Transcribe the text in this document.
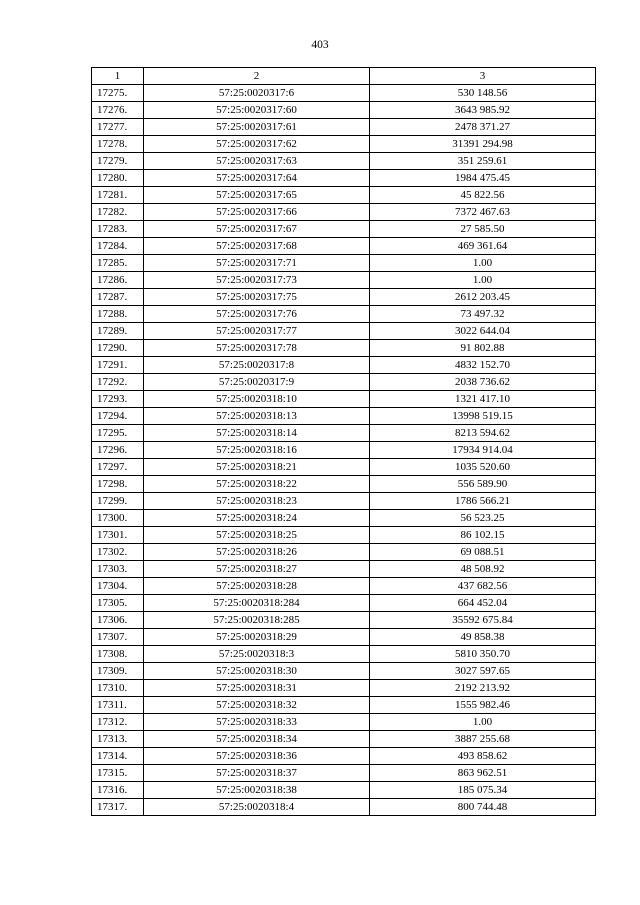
403
1	2	3
17275.	57:25:0020317:6	530 148.56
17276.	57:25:0020317:60	3643 985.92
17277.	57:25:0020317:61	2478 371.27
17278.	57:25:0020317:62	31391 294.98
17279.	57:25:0020317:63	351 259.61
17280.	57:25:0020317:64	1984 475.45
17281.	57:25:0020317:65	45 822.56
17282.	57:25:0020317:66	7372 467.63
17283.	57:25:0020317:67	27 585.50
17284.	57:25:0020317:68	469 361.64
17285.	57:25:0020317:71	1.00
17286.	57:25:0020317:73	1.00
17287.	57:25:0020317:75	2612 203.45
17288.	57:25:0020317:76	73 497.32
17289.	57:25:0020317:77	3022 644.04
17290.	57:25:0020317:78	91 802.88
17291.	57:25:0020317:8	4832 152.70
17292.	57:25:0020317:9	2038 736.62
17293.	57:25:0020318:10	1321 417.10
17294.	57:25:0020318:13	13998 519.15
17295.	57:25:0020318:14	8213 594.62
17296.	57:25:0020318:16	17934 914.04
17297.	57:25:0020318:21	1035 520.60
17298.	57:25:0020318:22	556 589.90
17299.	57:25:0020318:23	1786 566.21
17300.	57:25:0020318:24	56 523.25
17301.	57:25:0020318:25	86 102.15
17302.	57:25:0020318:26	69 088.51
17303.	57:25:0020318:27	48 508.92
17304.	57:25:0020318:28	437 682.56
17305.	57:25:0020318:284	664 452.04
17306.	57:25:0020318:285	35592 675.84
17307.	57:25:0020318:29	49 858.38
17308.	57:25:0020318:3	5810 350.70
17309.	57:25:0020318:30	3027 597.65
17310.	57:25:0020318:31	2192 213.92
17311.	57:25:0020318:32	1555 982.46
17312.	57:25:0020318:33	1.00
17313.	57:25:0020318:34	3887 255.68
17314.	57:25:0020318:36	493 858.62
17315.	57:25:0020318:37	863 962.51
17316.	57:25:0020318:38	185 075.34
17317.	57:25:0020318:4	800 744.48
